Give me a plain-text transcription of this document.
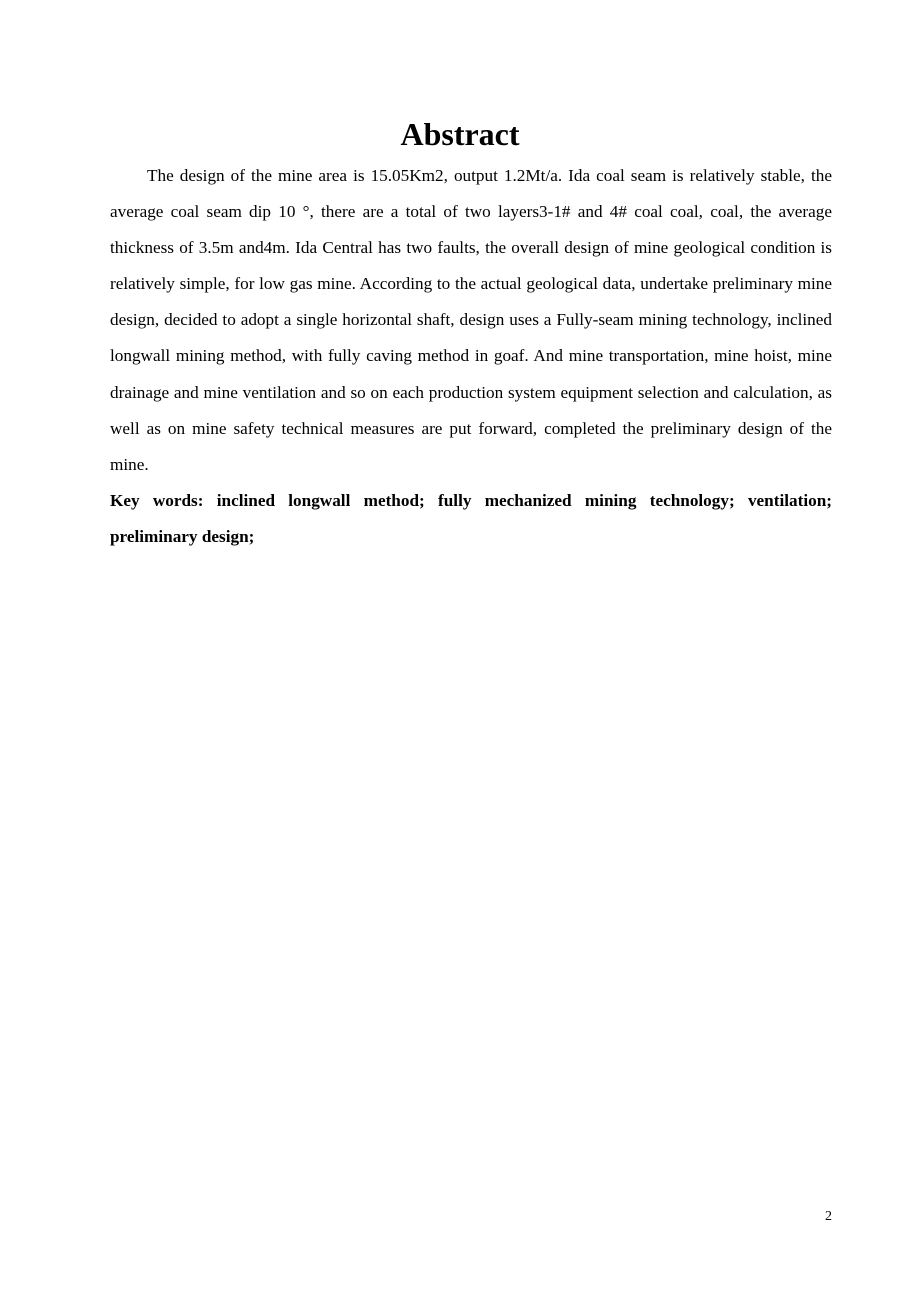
Abstract

The design of the mine area is 15.05Km2, output 1.2Mt/a. Ida coal seam is relatively stable, the average coal seam dip 10 °, there are a total of two layers3-1# and 4# coal coal, coal, the average thickness of 3.5m and4m. Ida Central has two faults, the overall design of mine geological condition is relatively simple, for low gas mine. According to the actual geological data, undertake preliminary mine design, decided to adopt a single horizontal shaft, design uses a Fully-seam mining technology, inclined longwall mining method, with fully caving method in goaf. And mine transportation, mine hoist, mine drainage and mine ventilation and so on each production system equipment selection and calculation, as well as on mine safety technical measures are put forward, completed the preliminary design of the mine.

Key words: inclined longwall method; fully mechanized mining technology; ventilation; preliminary design;

2
